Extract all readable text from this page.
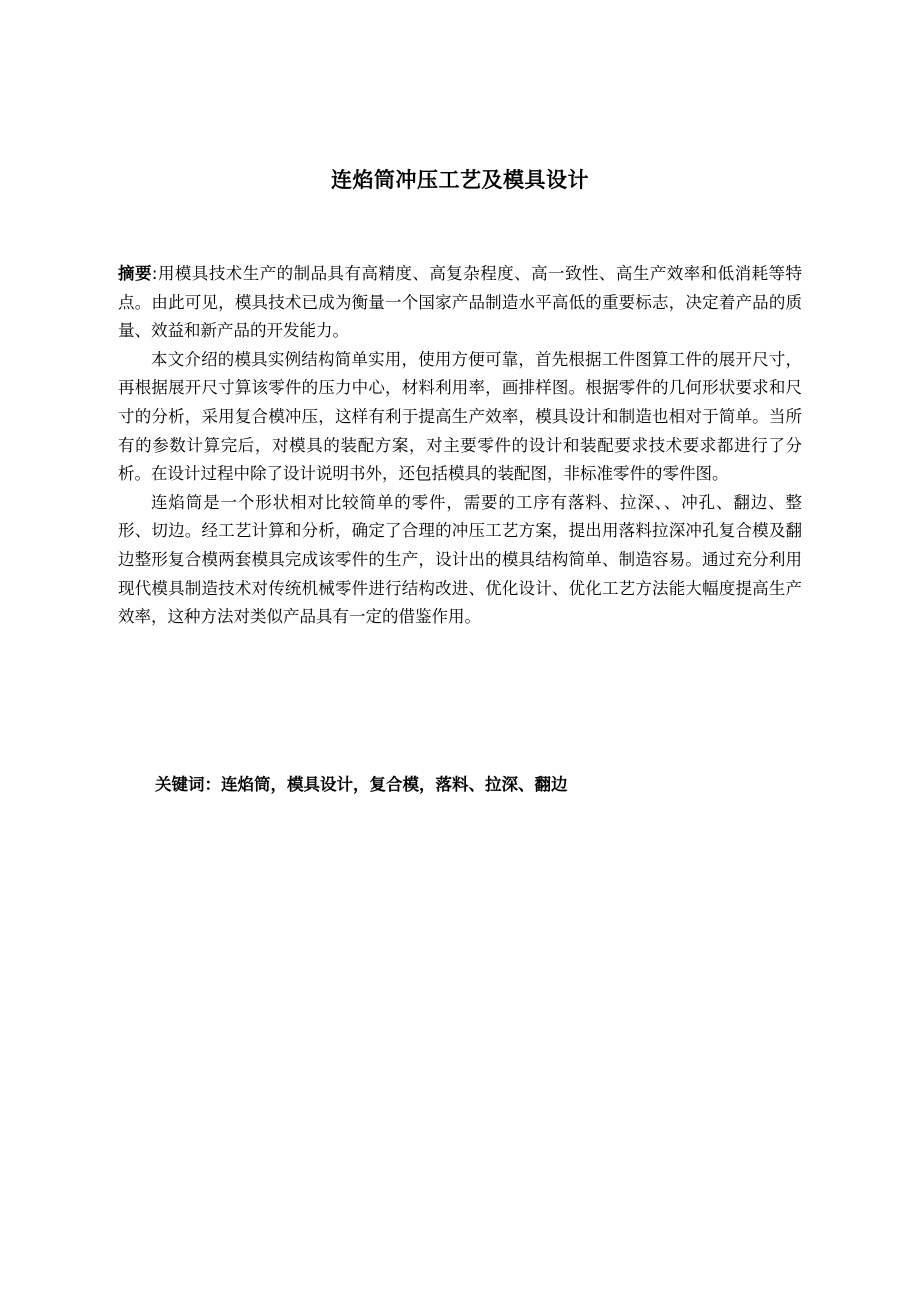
连焰筒冲压工艺及模具设计

摘要:用模具技术生产的制品具有高精度、高复杂程度、高一致性、高生产效率和低消耗等特点。由此可见，模具技术已成为衡量一个国家产品制造水平高低的重要标志，决定着产品的质量、效益和新产品的开发能力。

本文介绍的模具实例结构简单实用，使用方便可靠，首先根据工件图算工件的展开尺寸，再根据展开尺寸算该零件的压力中心，材料利用率，画排样图。根据零件的几何形状要求和尺寸的分析，采用复合模冲压，这样有利于提高生产效率，模具设计和制造也相对于简单。当所有的参数计算完后，对模具的装配方案，对主要零件的设计和装配要求技术要求都进行了分析。在设计过程中除了设计说明书外，还包括模具的装配图，非标准零件的零件图。

连焰筒是一个形状相对比较简单的零件，需要的工序有落料、拉深、、冲孔、翻边、整形、切边。经工艺计算和分析，确定了合理的冲压工艺方案，提出用落料拉深冲孔复合模及翻边整形复合模两套模具完成该零件的生产，设计出的模具结构简单、制造容易。通过充分利用现代模具制造技术对传统机械零件进行结构改进、优化设计、优化工艺方法能大幅度提高生产效率，这种方法对类似产品具有一定的借鉴作用。

关键词：连焰筒，模具设计，复合模，落料、拉深、翻边
